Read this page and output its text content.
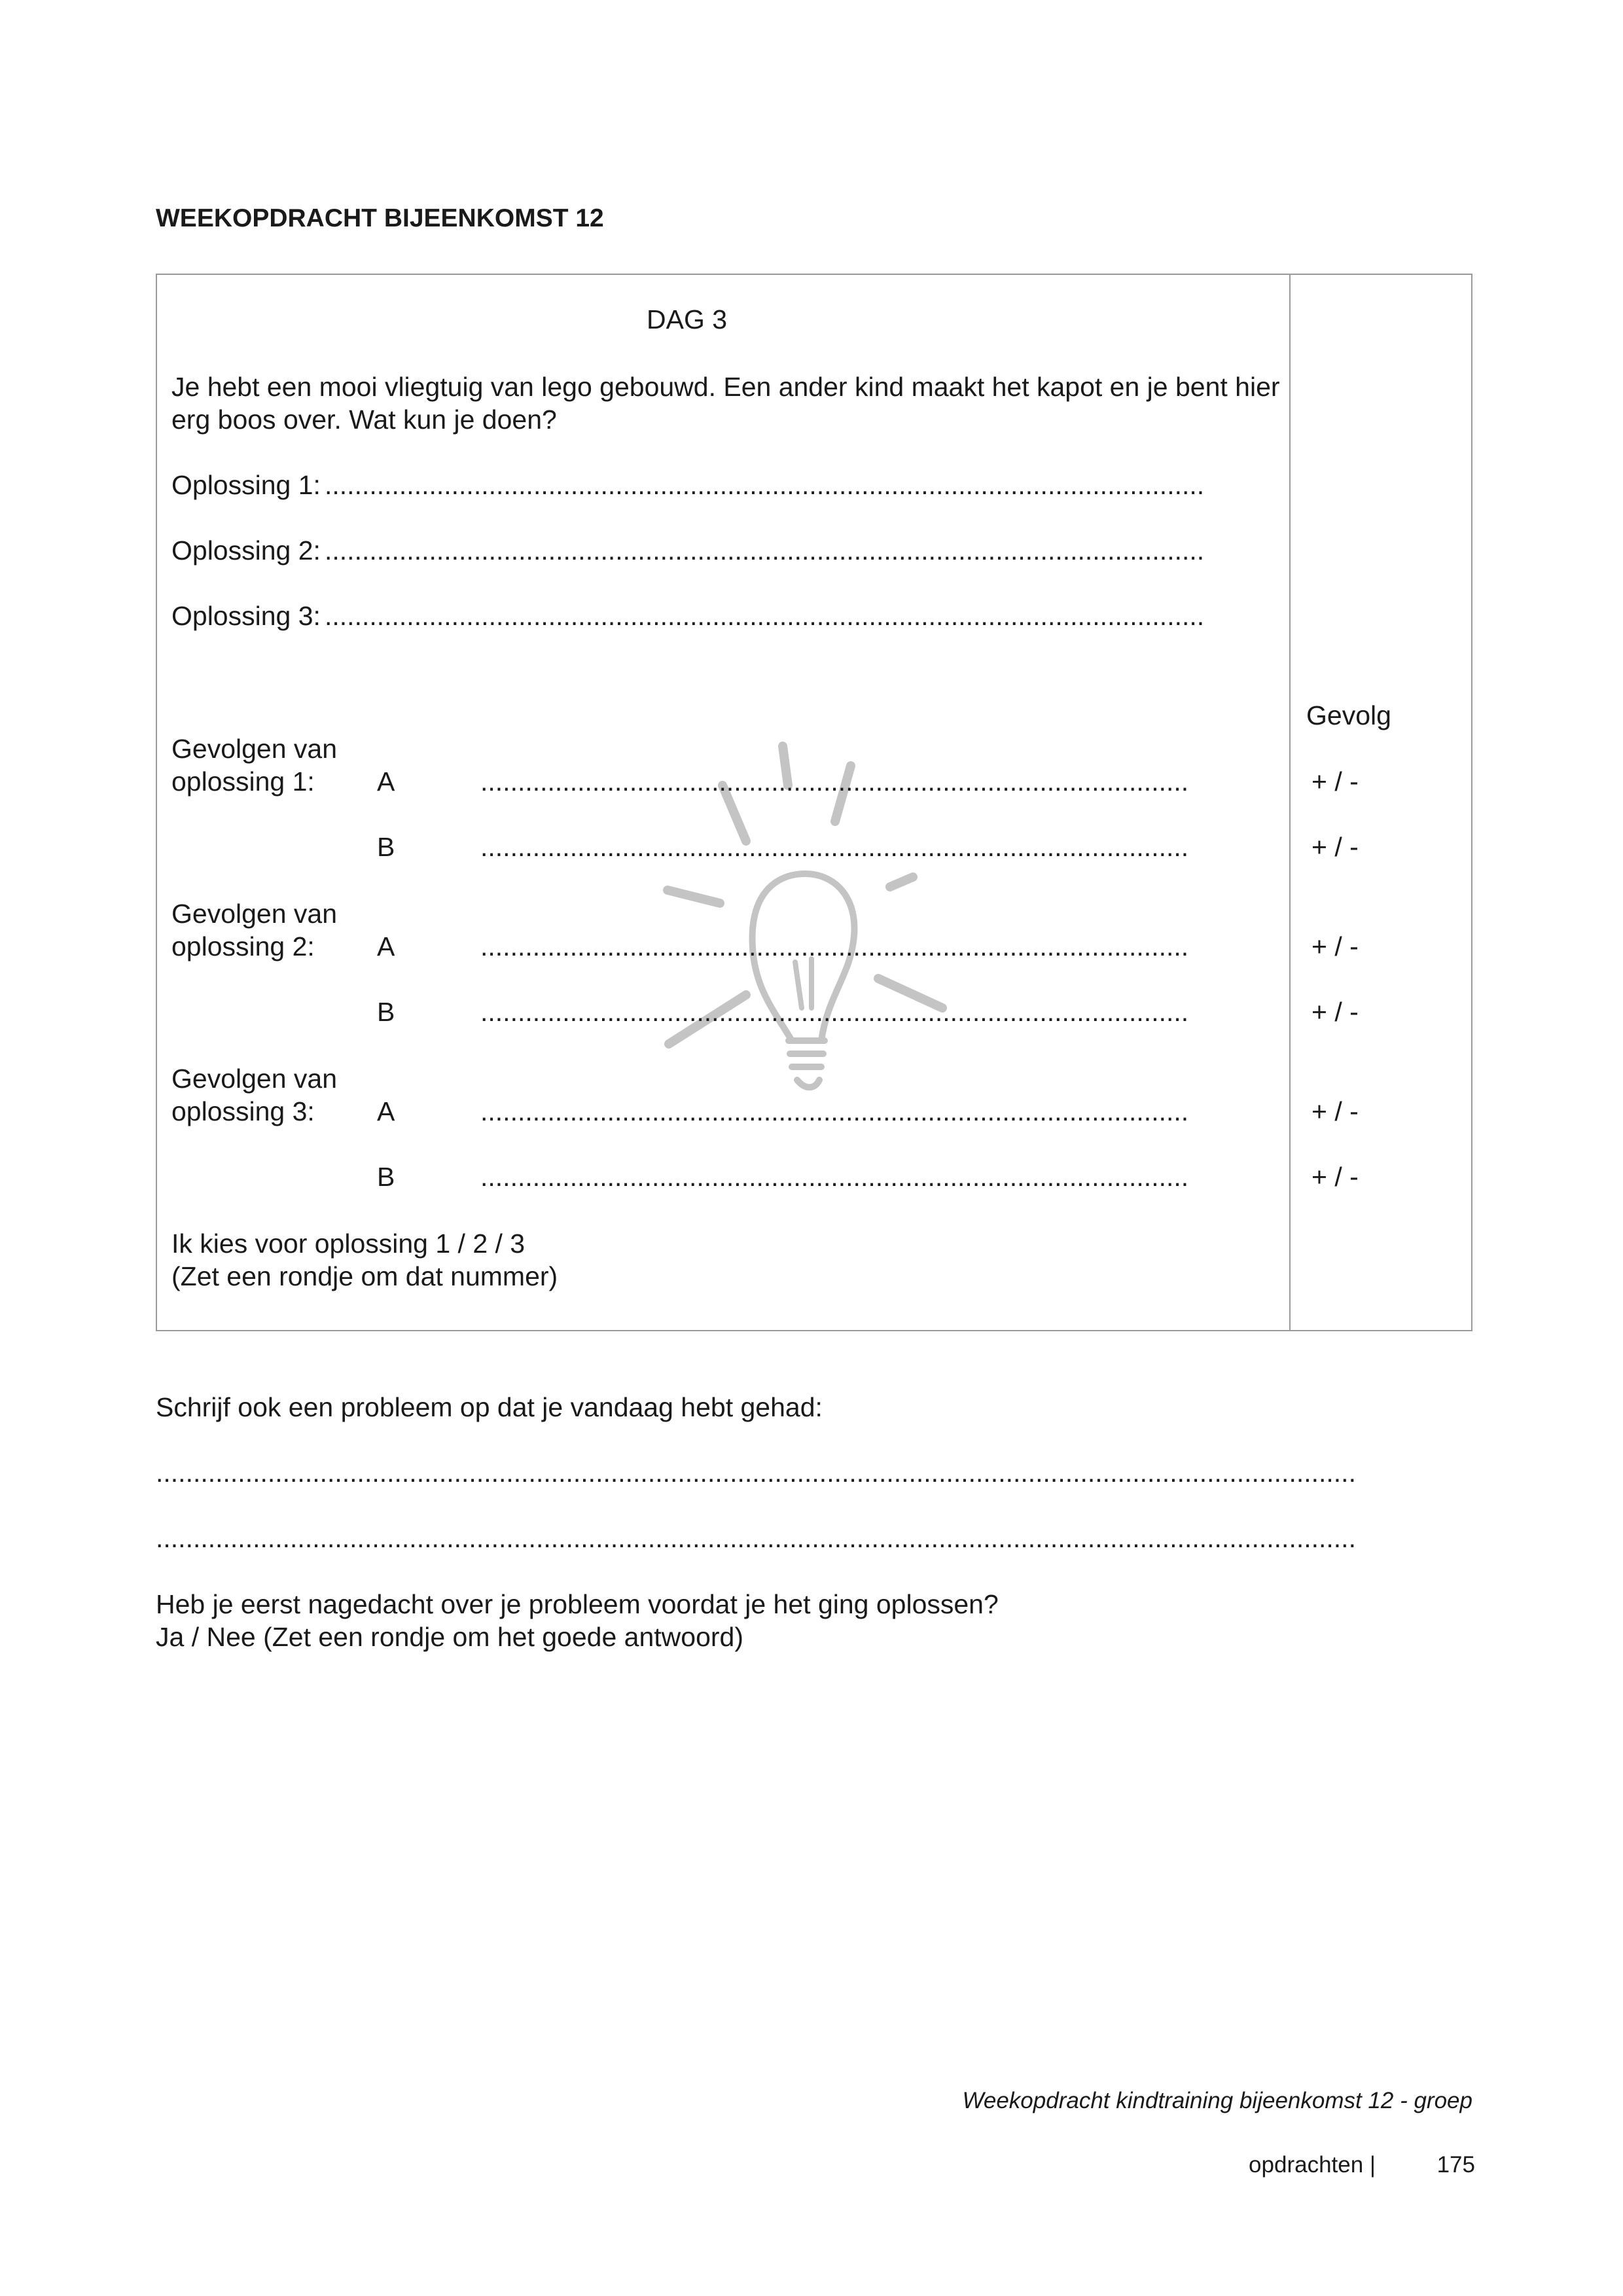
WEEKOPDRACHT BIJEENKOMST 12
DAG 3
Je hebt een mooi vliegtuig van lego gebouwd. Een ander kind maakt het kapot en je bent hier
erg boos over. Wat kun je doen?
Oplossing 1: ......................................................................................................................
Oplossing 2: ......................................................................................................................
Oplossing 3: ......................................................................................................................
Gevolg
Gevolgen van
oplossing 1: A	...............................................................................................	+ / -
B	...............................................................................................	+ / -
Gevolgen van
oplossing 2: A	...............................................................................................	+ / -
B	...............................................................................................	+ / -
Gevolgen van
oplossing 3: A	...............................................................................................	+ / -
B	...............................................................................................	+ / -
Ik kies voor oplossing 1 / 2 / 3
(Zet een rondje om dat nummer)
Schrijf ook een probleem op dat je vandaag hebt gehad:
.................................................................................................................................................................
.................................................................................................................................................................
Heb je eerst nagedacht over je probleem voordat je het ging oplossen?
Ja / Nee (Zet een rondje om het goede antwoord)
Weekopdracht kindtraining bijeenkomst 12 - groep
opdrachten |	175
